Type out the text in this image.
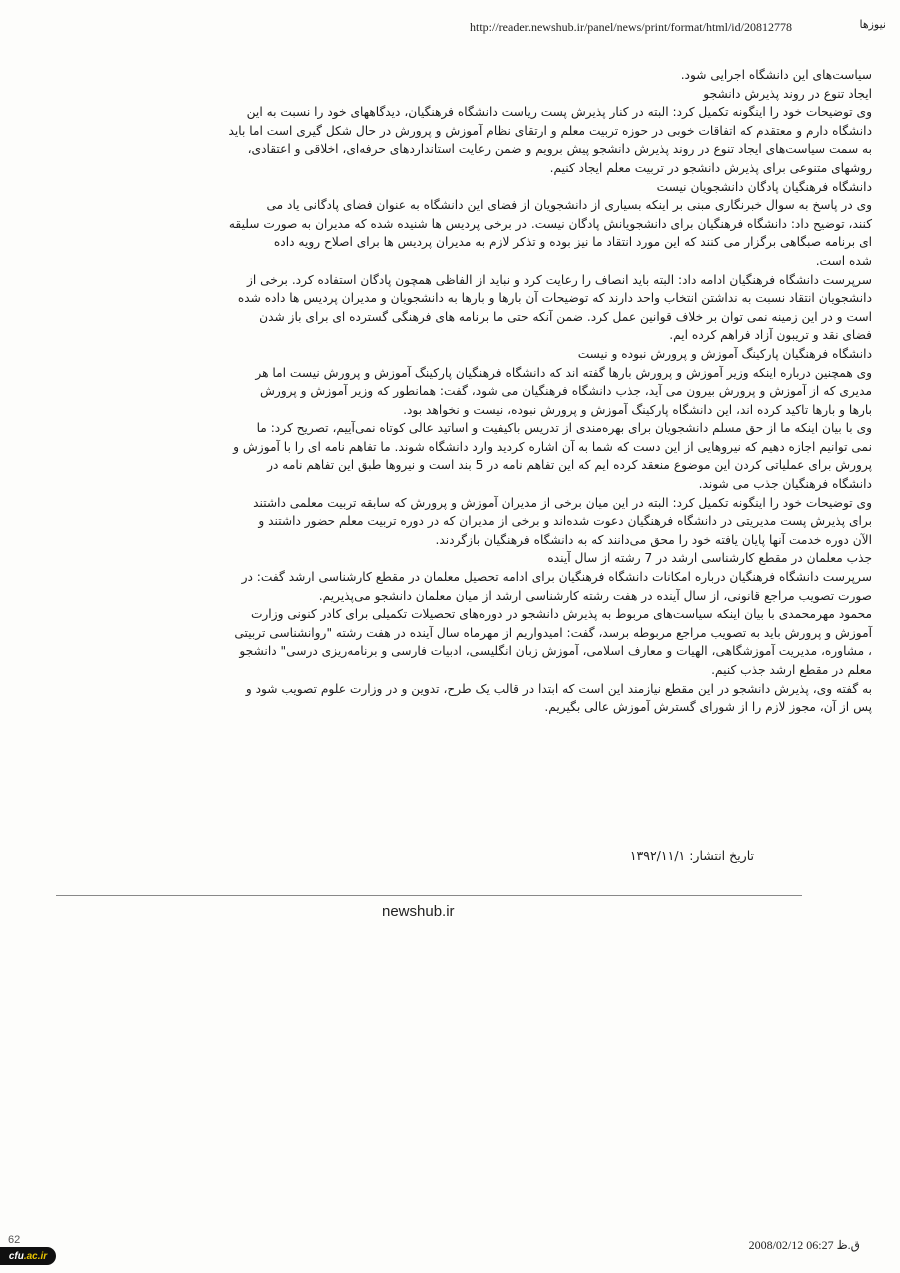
http://reader.newshub.ir/panel/news/print/format/html/id/20812778	نیوزها
سیاست‌های این دانشگاه اجرایی شود.
ایجاد تنوع در روند پذیرش دانشجو
وی توضیحات خود را اینگونه تکمیل کرد: البته در کنار پذیرش پست ریاست دانشگاه فرهنگیان، دیدگاههای خود را نسبت به این
دانشگاه دارم و معتقدم که اتفاقات خوبی در حوزه تربیت معلم و ارتقای نظام آموزش و پرورش در حال شکل گیری است اما باید
به سمت سیاست‌های ایجاد تنوع در روند پذیرش دانشجو پیش برویم و ضمن رعایت استانداردهای حرفه‌ای، اخلاقی و اعتقادی،
روشهای متنوعی برای پذیرش دانشجو در تربیت معلم ایجاد کنیم.
دانشگاه فرهنگیان پادگان دانشجویان نیست
وی در پاسخ به سوال خبرنگاری مبنی بر اینکه بسیاری از دانشجویان از فضای این دانشگاه به عنوان فضای پادگانی یاد می
کنند، توضیح داد: دانشگاه فرهنگیان برای دانشجویانش پادگان نیست. در برخی پردیس ها شنیده شده که مدیران به صورت سلیقه
ای برنامه صبگاهی برگزار می کنند که این مورد انتقاد ما نیز بوده و تذکر لازم به مدیران پردیس ها برای اصلاح رویه داده
شده است.
سرپرست دانشگاه فرهنگیان ادامه داد: البته باید انصاف را رعایت کرد و نباید از الفاظی همچون پادگان استفاده کرد. برخی از
دانشجویان انتقاد نسبت به نداشتن انتخاب واحد دارند که توضیحات آن بارها و بارها به دانشجویان و مدیران پردیس ها داده شده
است و در این زمینه نمی توان بر خلاف قوانین عمل کرد. ضمن آنکه حتی ما برنامه های فرهنگی گسترده ای برای باز شدن
فضای نقد و تریبون آزاد فراهم کرده ایم.
دانشگاه فرهنگیان پارکینگ آموزش و پرورش نبوده و نیست
وی همچنین درباره اینکه وزیر آموزش و پرورش بارها گفته اند که دانشگاه فرهنگیان پارکینگ آموزش و پرورش نیست اما هر
مدیری که از آموزش و پرورش بیرون می آید، جذب دانشگاه فرهنگیان می شود، گفت: همانطور که وزیر آموزش و پرورش
بارها و بارها تاکید کرده اند، این دانشگاه پارکینگ آموزش و پرورش نبوده، نیست و نخواهد بود.
وی با بیان اینکه ما از حق مسلم دانشجویان برای بهره‌مندی از تدریس باکیفیت و اساتید عالی کوتاه نمی‌آییم، تصریح کرد: ما
نمی توانیم اجازه دهیم که نیروهایی از این دست که شما به آن اشاره کردید وارد دانشگاه شوند. ما تفاهم نامه ای را با آموزش و
پرورش برای عملیاتی کردن این موضوع منعقد کرده ایم که این تفاهم نامه در 5 بند است و نیروها طبق این تفاهم نامه در
دانشگاه فرهنگیان جذب می شوند.
وی توضیحات خود را اینگونه تکمیل کرد: البته در این میان برخی از مدیران آموزش و پرورش که سابقه تربیت معلمی داشتند
برای پذیرش پست مدیریتی در دانشگاه فرهنگیان دعوت شده‌اند و برخی از مدیران که در دوره تربیت معلم حضور داشتند و
الآن دوره خدمت آنها پایان یافته خود را محق می‌دانند که به دانشگاه فرهنگیان بازگردند.
جذب معلمان در مقطع کارشناسی ارشد در 7 رشته از سال آینده
سرپرست دانشگاه فرهنگیان درباره امکانات دانشگاه فرهنگیان برای ادامه تحصیل معلمان در مقطع کارشناسی ارشد گفت: در
صورت تصویب مراجع قانونی، از سال آینده در هفت رشته کارشناسی ارشد از میان معلمان دانشجو می‌پذیریم.
محمود مهرمحمدی با بیان اینکه سیاست‌های مربوط به پذیرش دانشجو در دوره‌های تحصیلات تکمیلی برای کادر کنونی وزارت
آموزش و پرورش باید به تصویب مراجع مربوطه برسد، گفت: امیدواریم از مهرماه سال آینده در هفت رشته "روانشناسی تربیتی
، مشاوره، مدیریت آموزشگاهی، الهیات و معارف اسلامی، آموزش زبان انگلیسی، ادبیات فارسی و برنامه‌ریزی درسی" دانشجو
معلم در مقطع ارشد جذب کنیم.
به گفته وی، پذیرش دانشجو در این مقطع نیازمند این است که ابتدا در قالب یک طرح، تدوین و در وزارت علوم تصویب شود و
پس از آن، مجوز لازم را از شورای گسترش آموزش عالی بگیریم.
تاریخ انتشار: ۱۳۹۲/۱۱/۱
newshub.ir
62
cfu.ac.ir
ق.ظ 06:27 2008/02/12
